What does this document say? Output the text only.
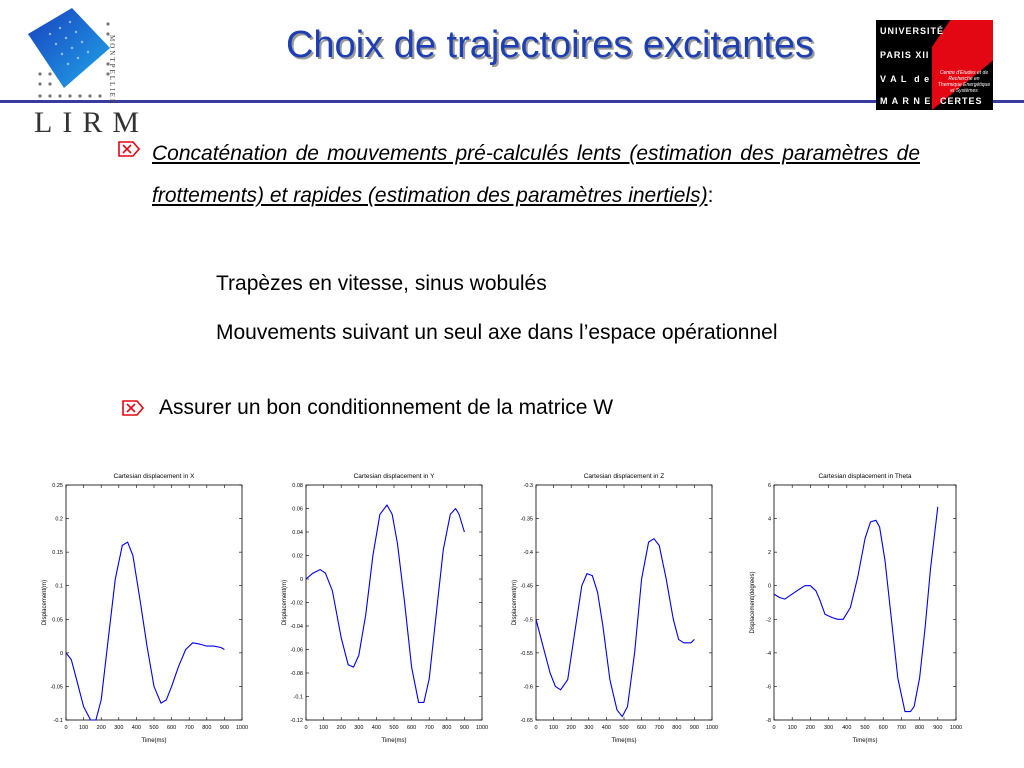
LIRM
MONTPELLIER	Choix de trajectoires excitantes	UNIVERSITÉ
PARIS XII
V A L  d e
M A R N E
Centre d'Etudes et de Recherche en Thermique Energétique et Systèmes
CERTES
Concaténation de mouvements pré-calculés lents (estimation des paramètres de frottements) et rapides (estimation des paramètres inertiels):
Trapèzes en vitesse, sinus wobulés
Mouvements suivant un seul axe dans l’espace opérationnel
Assurer un bon conditionnement de la matrice W
Cartesian displacement in X
0 100 200 300 400 500 600 700 800 900 1000
-0.1
-0.05
0
0.05
0.1
0.15
0.2
0.25
Time(ms)
Displacement(m)
Cartesian displacement in Y
0 100 200 300 400 500 600 700 800 900 1000
-0.12
-0.1
-0.08
-0.06
-0.04
-0.02
0
0.02
0.04
0.06
0.08
Time(ms)
Displacement(m)
Cartesian displacement in Z
0 100 200 300 400 500 600 700 800 900 1000
-0.65
-0.6
-0.55
-0.5
-0.45
-0.4
-0.35
-0.3
Time(ms)
Displacement(m)
Cartesian displacement in Theta
0 100 200 300 400 500 600 700 800 900 1000
-8
-6
-4
-2
0
2
4
6
Time(ms)
Displacement(degrees)
